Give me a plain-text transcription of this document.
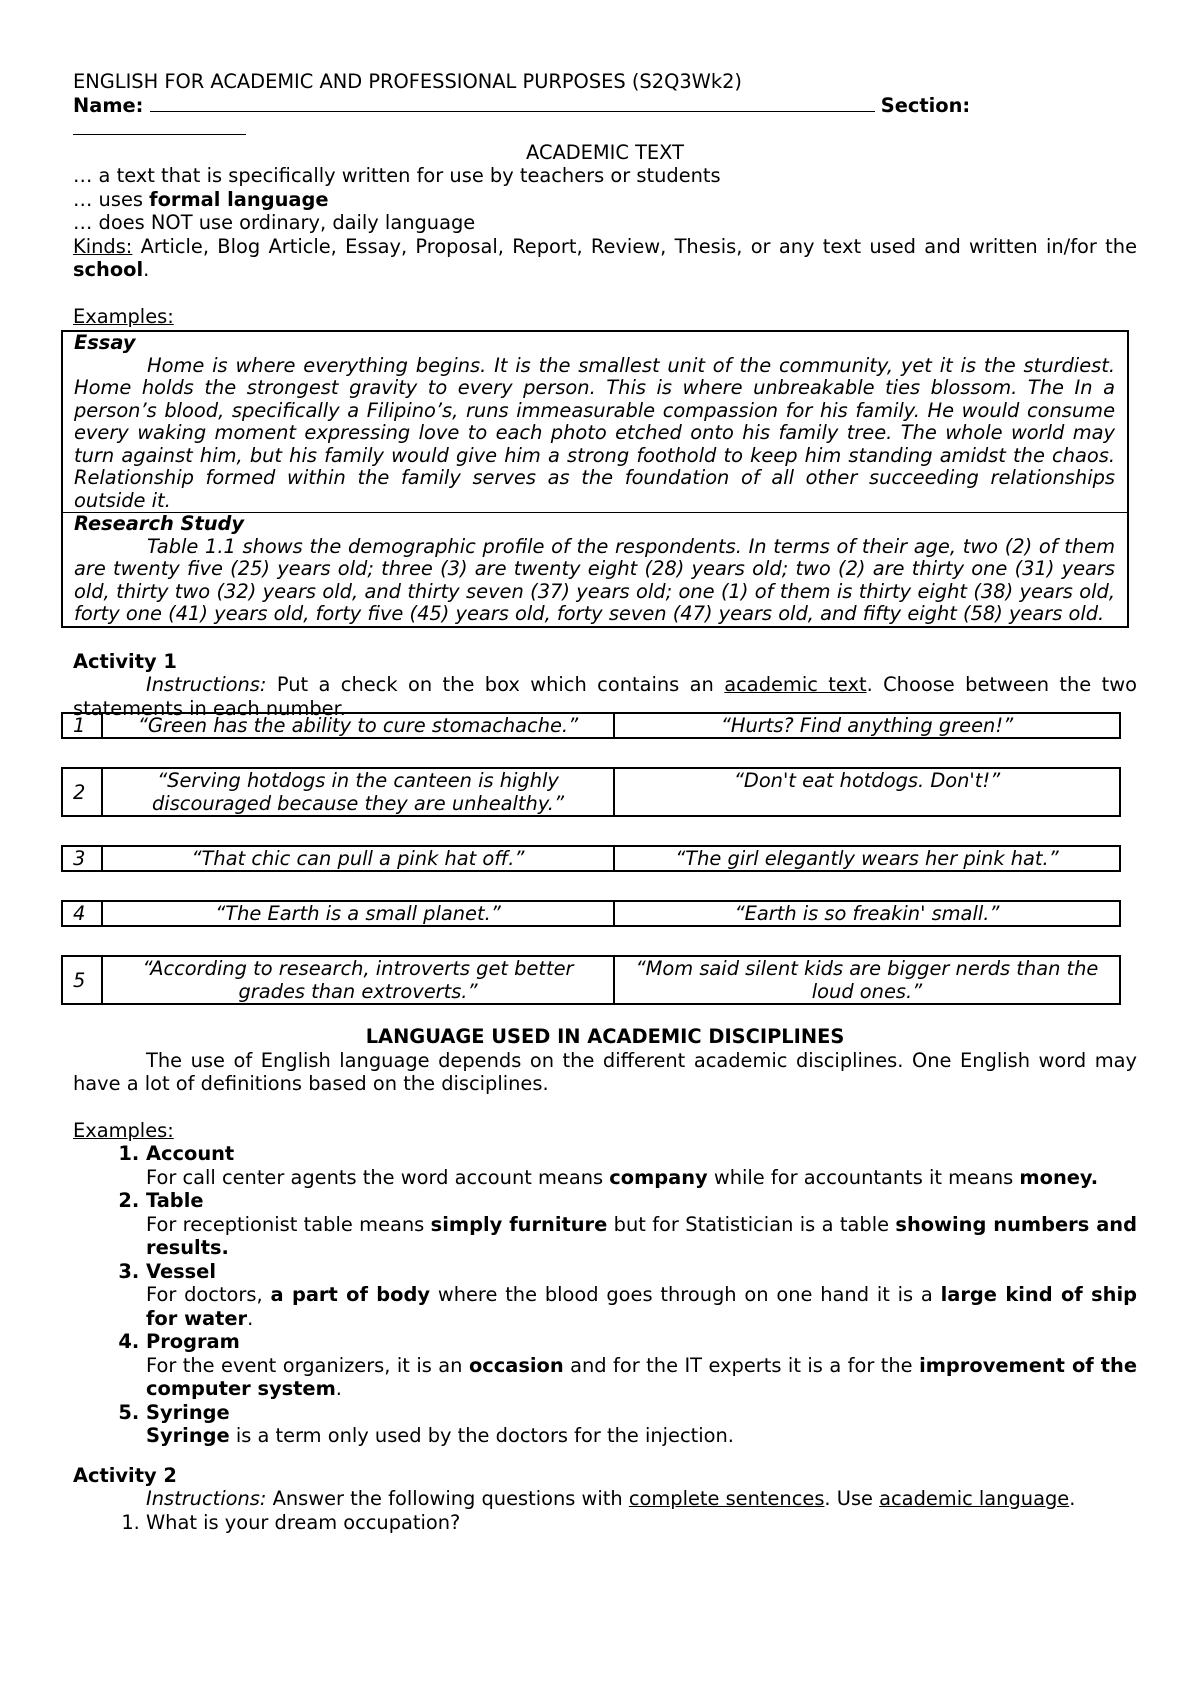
ENGLISH FOR ACADEMIC AND PROFESSIONAL PURPOSES (S2Q3Wk2)
Name:	Section:
ACADEMIC TEXT
… a text that is specifically written for use by teachers or students
… uses formal language
… does NOT use ordinary, daily language
Kinds: Article, Blog Article, Essay, Proposal, Report, Review, Thesis, or any text used and written in/for the school.
Examples:
Essay
Home is where everything begins. It is the smallest unit of the community, yet it is the sturdiest. Home holds the strongest gravity to every person. This is where unbreakable ties blossom. The In a person’s blood, specifically a Filipino’s, runs immeasurable compassion for his family. He would consume every waking moment expressing love to each photo etched onto his family tree. The whole world may turn against him, but his family would give him a strong foothold to keep him standing amidst the chaos. Relationship formed within the family serves as the foundation of all other succeeding relationships outside it.
Research Study
Table 1.1 shows the demographic profile of the respondents. In terms of their age, two (2) of them are twenty five (25) years old; three (3) are twenty eight (28) years old; two (2) are thirty one (31) years old, thirty two (32) years old, and thirty seven (37) years old; one (1) of them is thirty eight (38) years old, forty one (41) years old, forty five (45) years old, forty seven (47) years old, and fifty eight (58) years old.
Activity 1
Instructions: Put a check on the box which contains an academic text. Choose between the two statements in each number.
1	“Green has the ability to cure stomachache.”	“Hurts? Find anything green!”
2	“Serving hotdogs in the canteen is highly discouraged because they are unhealthy.”	“Don't eat hotdogs. Don't!”
3	“That chic can pull a pink hat off.”	“The girl elegantly wears her pink hat.”
4	“The Earth is a small planet.”	“Earth is so freakin' small.”
5	“According to research, introverts get better grades than extroverts.”	“Mom said silent kids are bigger nerds than the loud ones.”
LANGUAGE USED IN ACADEMIC DISCIPLINES
The use of English language depends on the different academic disciplines. One English word may have a lot of definitions based on the disciplines.
Examples:
1. Account
For call center agents the word account means company while for accountants it means money.
2. Table
For receptionist table means simply furniture but for Statistician is a table showing numbers and results.
3. Vessel
For doctors, a part of body where the blood goes through on one hand it is a large kind of ship for water.
4. Program
For the event organizers, it is an occasion and for the IT experts it is a for the improvement of the computer system.
5. Syringe
Syringe is a term only used by the doctors for the injection.
Activity 2
Instructions: Answer the following questions with complete sentences. Use academic language.
1. What is your dream occupation?
